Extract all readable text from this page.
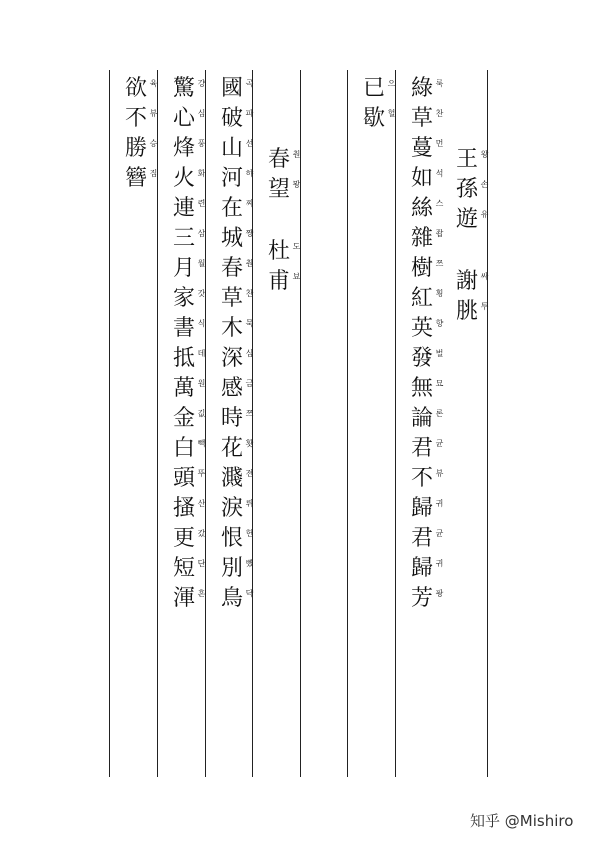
王 왕
孫 손
遊 유
謝 싸
朓 투
綠 룩
草 찬
蔓 먼
如 석
絲 스
雜 좝
樹 쯔
紅 횡
英 향
發 벌
無 묘
論 론
君 균
不 뷰
歸 귀
君 균
歸 귀
芳 퐝
已 으
歇 헐
春 춴
望 뫙
杜 도
甫 뵤
國 곡
破 파
山 선
河 햐
在 찌
城 쨩
春 춴
草 찬
木 묵
深 심
感 금
時 쯔
花 홧
濺 젼
淚 뤼
恨 헌
別 뼜
鳥 댝
驚 걍
心 심
烽 풍
火 화
連 련
三 삼
月 월
家 갓
書 식
抵 데
萬 원
金 깂
白 빽
頭 뚜
搔 산
更 갔
短 단
渾 흔
欲 육
不 뷰
勝 승
簪 짐
知乎 @Mishiro
